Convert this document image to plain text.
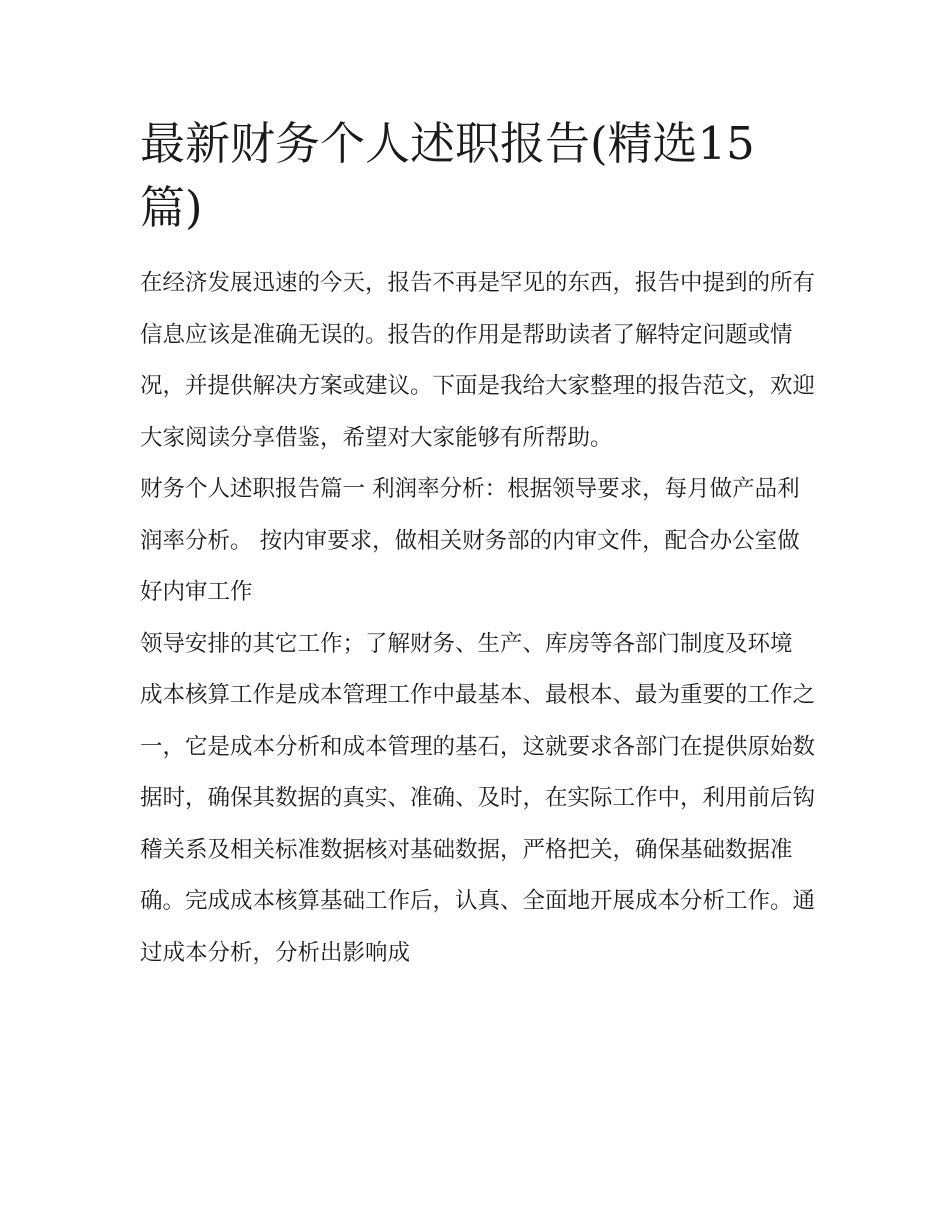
最新财务个人述职报告(精选15篇)

在经济发展迅速的今天，报告不再是罕见的东西，报告中提到的所有信息应该是准确无误的。报告的作用是帮助读者了解特定问题或情况，并提供解决方案或建议。下面是我给大家整理的报告范文，欢迎大家阅读分享借鉴，希望对大家能够有所帮助。

财务个人述职报告篇一 利润率分析：根据领导要求，每月做产品利润率分析。 按内审要求，做相关财务部的内审文件，配合办公室做好内审工作

领导安排的其它工作；了解财务、生产、库房等各部门制度及环境

成本核算工作是成本管理工作中最基本、最根本、最为重要的工作之一，它是成本分析和成本管理的基石，这就要求各部门在提供原始数据时，确保其数据的真实、准确、及时，在实际工作中，利用前后钩稽关系及相关标准数据核对基础数据，严格把关，确保基础数据准确。完成成本核算基础工作后，认真、全面地开展成本分析工作。通过成本分析，分析出影响成
